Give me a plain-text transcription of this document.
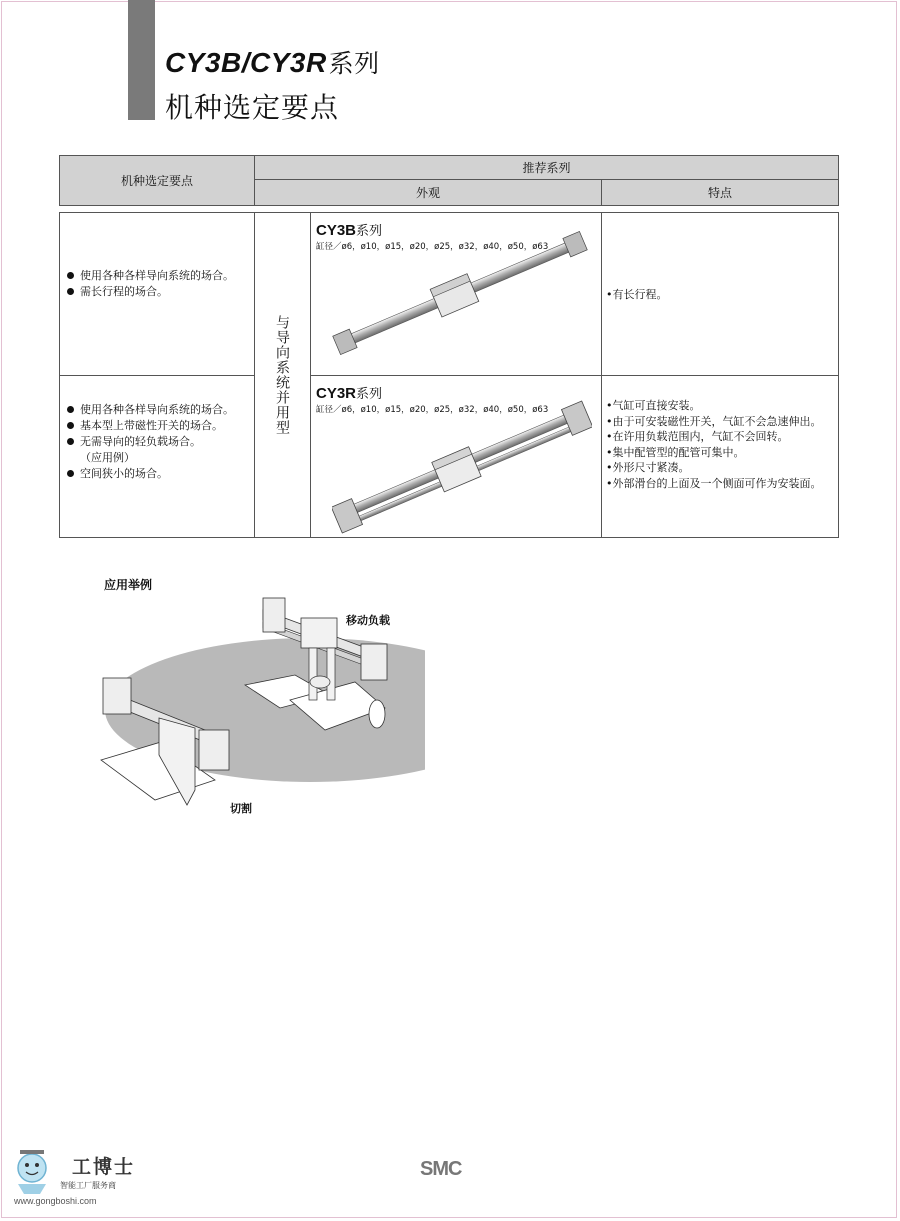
CY3B/CY3R系列
机种选定要点
机种选定要点
推荐系列
外观	特点
使用各种各样导向系统的场合。
需长行程的场合。
使用各种各样导向系统的场合。
基本型上带磁性开关的场合。
无需导向的轻负载场合。
（应用例）
空间狭小的场合。
与导向系统并用型
CY3B系列
缸径／ø6，ø10，ø15，ø20，ø25，ø32，ø40，ø50，ø63
•有长行程。
CY3R系列
缸径／ø6，ø10，ø15，ø20，ø25，ø32，ø40，ø50，ø63	•气缸可直接安装。
•由于可安装磁性开关，气缸不会急速伸出。
•在许用负载范围内，气缸不会回转。
•集中配管型的配管可集中。
•外形尺寸紧凑。
•外部滑台的上面及一个侧面可作为安装面。
应用举例
移动负载
切割
工博士
智能工厂服务商
www.gongboshi.com
SMC
